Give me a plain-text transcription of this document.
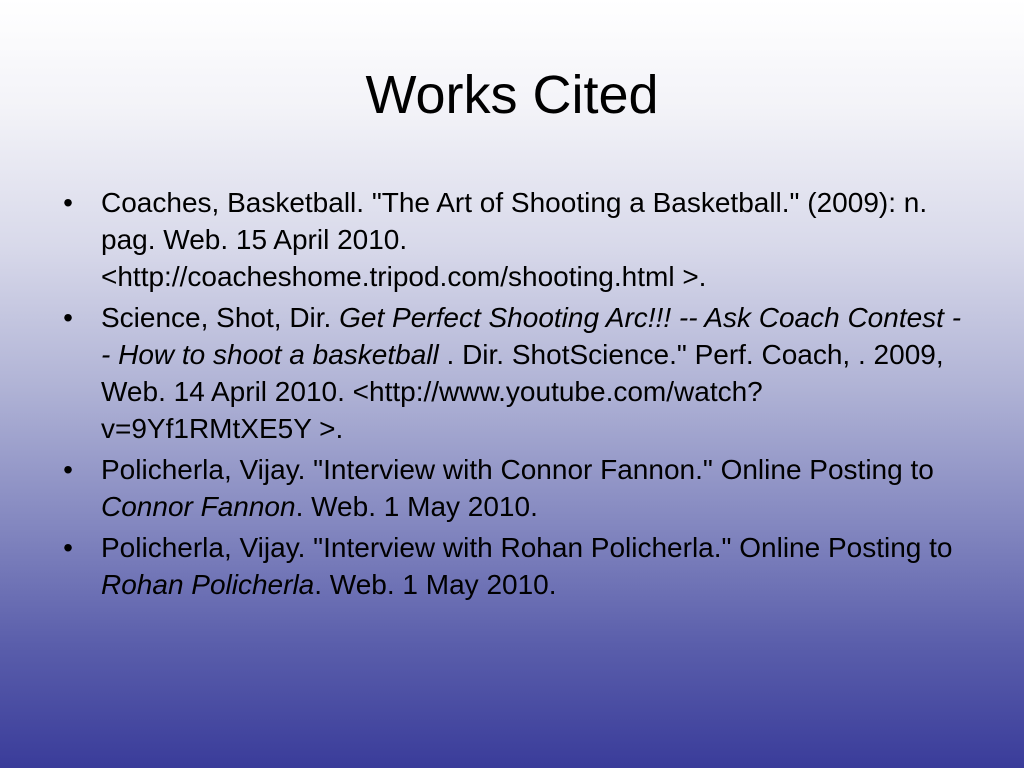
Works Cited
• Coaches, Basketball. "The Art of Shooting a Basketball." (2009): n. pag. Web. 15 April 2010. <http://coacheshome.tripod.com/shooting.html >.
• Science, Shot, Dir. Get Perfect Shooting Arc!!! -- Ask Coach Contest -- How to shoot a basketball . Dir. ShotScience." Perf. Coach, . 2009, Web. 14 April 2010. <http://www.youtube.com/watch?v=9Yf1RMtXE5Y >.
• Policherla, Vijay. "Interview with Connor Fannon." Online Posting to Connor Fannon. Web. 1 May 2010.
• Policherla, Vijay. "Interview with Rohan Policherla." Online Posting to Rohan Policherla. Web. 1 May 2010.
